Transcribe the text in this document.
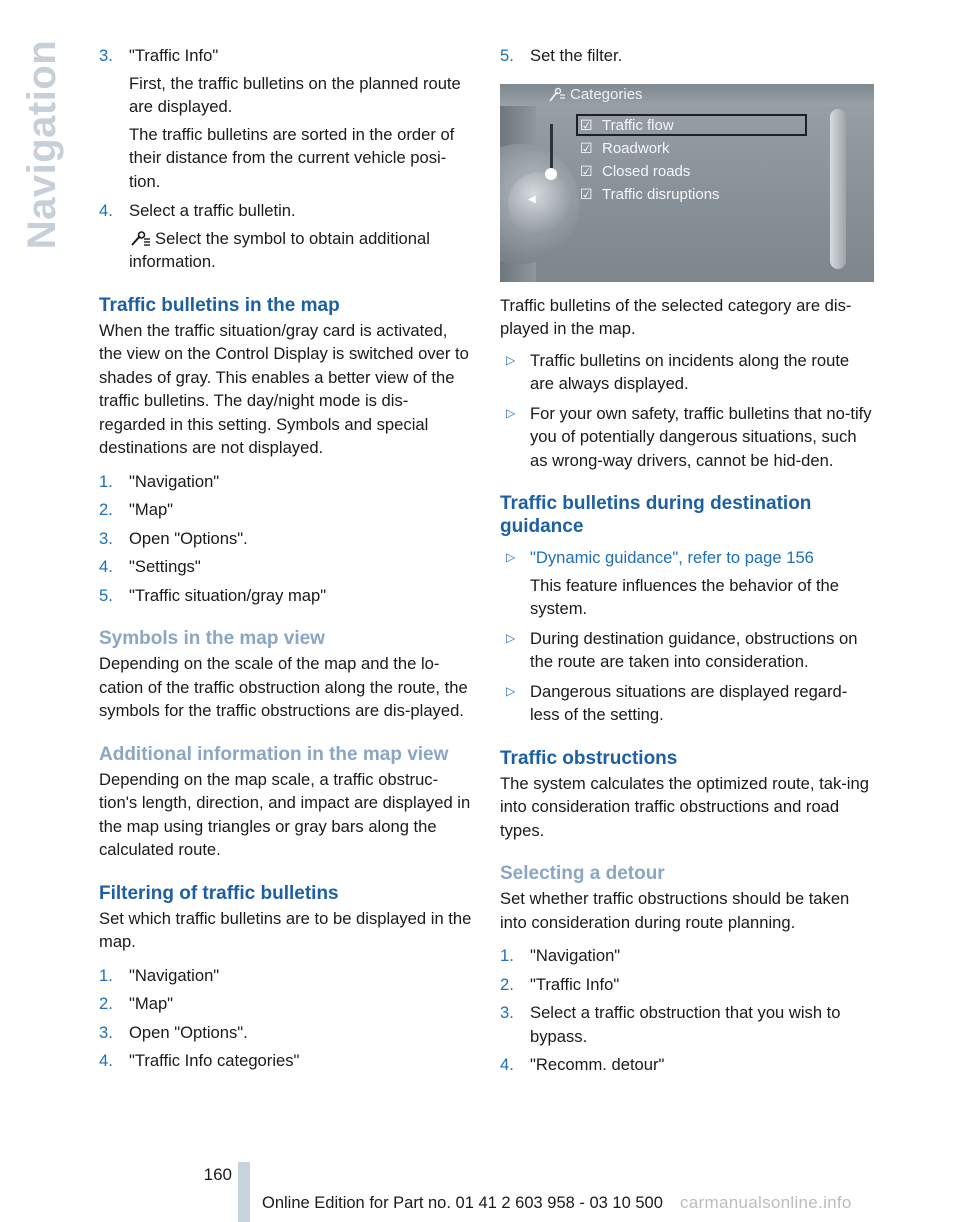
Navigation 3. "Traffic Info"
First, the traffic bulletins on the planned route are displayed.
The traffic bulletins are sorted in the order of their distance from the current vehicle posi-tion.
4. Select a traffic bulletin.
Select the symbol to obtain additional information.
Traffic bulletins in the map

When the traffic situation/gray card is activated, the view on the Control Display is switched over to shades of gray. This enables a better view of the traffic bulletins. The day/night mode is dis-regarded in this setting. Symbols and special destinations are not displayed.

1. "Navigation"
2. "Map"
3. Open "Options".
4. "Settings"
5. "Traffic situation/gray map"
Symbols in the map view

Depending on the scale of the map and the lo-cation of the traffic obstruction along the route, the symbols for the traffic obstructions are dis-played.

Additional information in the map view

Depending on the map scale, a traffic obstruc-tion's length, direction, and impact are displayed in the map using triangles or gray bars along the calculated route.

Filtering of traffic bulletins

Set which traffic bulletins are to be displayed in the map.

1. "Navigation"
2. "Map"
3. Open "Options".
4. "Traffic Info categories"
5. Set the filter.
Categories
◀
☑ Traffic flow
☑ Roadwork
☑ Closed roads
☑ Traffic disruptions

Traffic bulletins of the selected category are dis-played in the map.

▷ Traffic bulletins on incidents along the route are always displayed.
▷ For your own safety, traffic bulletins that no-tify you of potentially dangerous situations, such as wrong-way drivers, cannot be hid-den.
Traffic bulletins during destination guidance
▷ "Dynamic guidance", refer to page 156
This feature influences the behavior of the system.
▷ During destination guidance, obstructions on the route are taken into consideration.
▷ Dangerous situations are displayed regard-less of the setting.
Traffic obstructions

The system calculates the optimized route, tak-ing into consideration traffic obstructions and road types.

Selecting a detour

Set whether traffic obstructions should be taken into consideration during route planning.

1. "Navigation"
2. "Traffic Info"
3. Select a traffic obstruction that you wish to bypass.
4. "Recomm. detour"
160
Online Edition for Part no. 01 41 2 603 958 - 03 10 500 carmanualsonline.info
